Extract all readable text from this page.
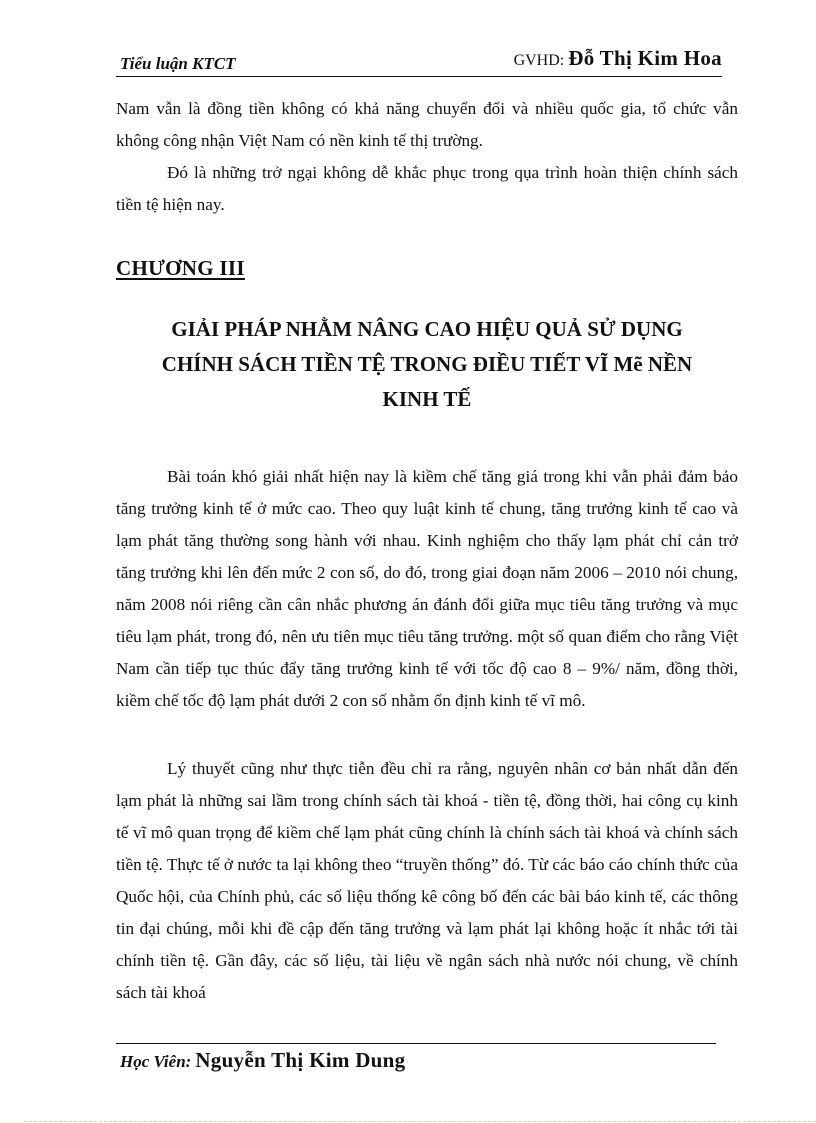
Tiểu luận KTCT	GVHD: Đỗ Thị Kim Hoa

Nam vẫn là đồng tiền không có khả năng chuyển đổi và nhiều quốc gia, tổ chức vẫn không công nhận Việt Nam có nền kinh tế thị trường.

Đó là những trở ngại không dễ khắc phục trong qụa trình hoàn thiện chính sách tiền tệ hiện nay.

CHƯƠNG III
GIẢI PHÁP NHẰM NÂNG CAO HIỆU QUẢ SỬ DỤNG
CHÍNH SÁCH TIỀN TỆ TRONG ĐIỀU TIẾT VĨ Mẽ NỀN
KINH TẾ

Bài toán khó giải nhất hiện nay là kiềm chế tăng giá trong khi vẫn phải đảm bảo tăng trưởng kinh tế ở mức cao. Theo quy luật kinh tế chung, tăng trưởng kinh tế cao và lạm phát tăng thường song hành với nhau. Kinh nghiệm cho thấy lạm phát chỉ cản trở tăng trưởng khi lên đến mức 2 con số, do đó, trong giai đoạn năm 2006 – 2010 nói chung, năm 2008 nói riêng cần cân nhắc phương án đánh đổi giữa mục tiêu tăng trưởng và mục tiêu lạm phát, trong đó, nên ưu tiên mục tiêu tăng trưởng. một số quan điểm cho rằng Việt Nam cần tiếp tục thúc đẩy tăng trưởng kinh tế với tốc độ cao 8 – 9%/ năm, đồng thời, kiềm chế tốc độ lạm phát dưới 2 con số nhằm ổn định kinh tế vĩ mô.

Lý thuyết cũng như thực tiễn đều chỉ ra rằng, nguyên nhân cơ bản nhất dẫn đến lạm phát là những sai lầm trong chính sách tài khoá - tiền tệ, đồng thời, hai công cụ kinh tế vĩ mô quan trọng để kiềm chế lạm phát cũng chính là chính sách tài khoá và chính sách tiền tệ. Thực tế ở nước ta lại không theo “truyền thống” đó. Từ các báo cáo chính thức của Quốc hội, của Chính phủ, các số liệu thống kê công bố đến các bài báo kinh tế, các thông tin đại chúng, mỗi khi đề cập đến tăng trưởng và lạm phát lại không hoặc ít nhắc tới tài chính tiền tệ. Gần đây, các số liệu, tài liệu về ngân sách nhà nước nói chung, về chính sách tài khoá

Học Viên: Nguyễn Thị Kim Dung
